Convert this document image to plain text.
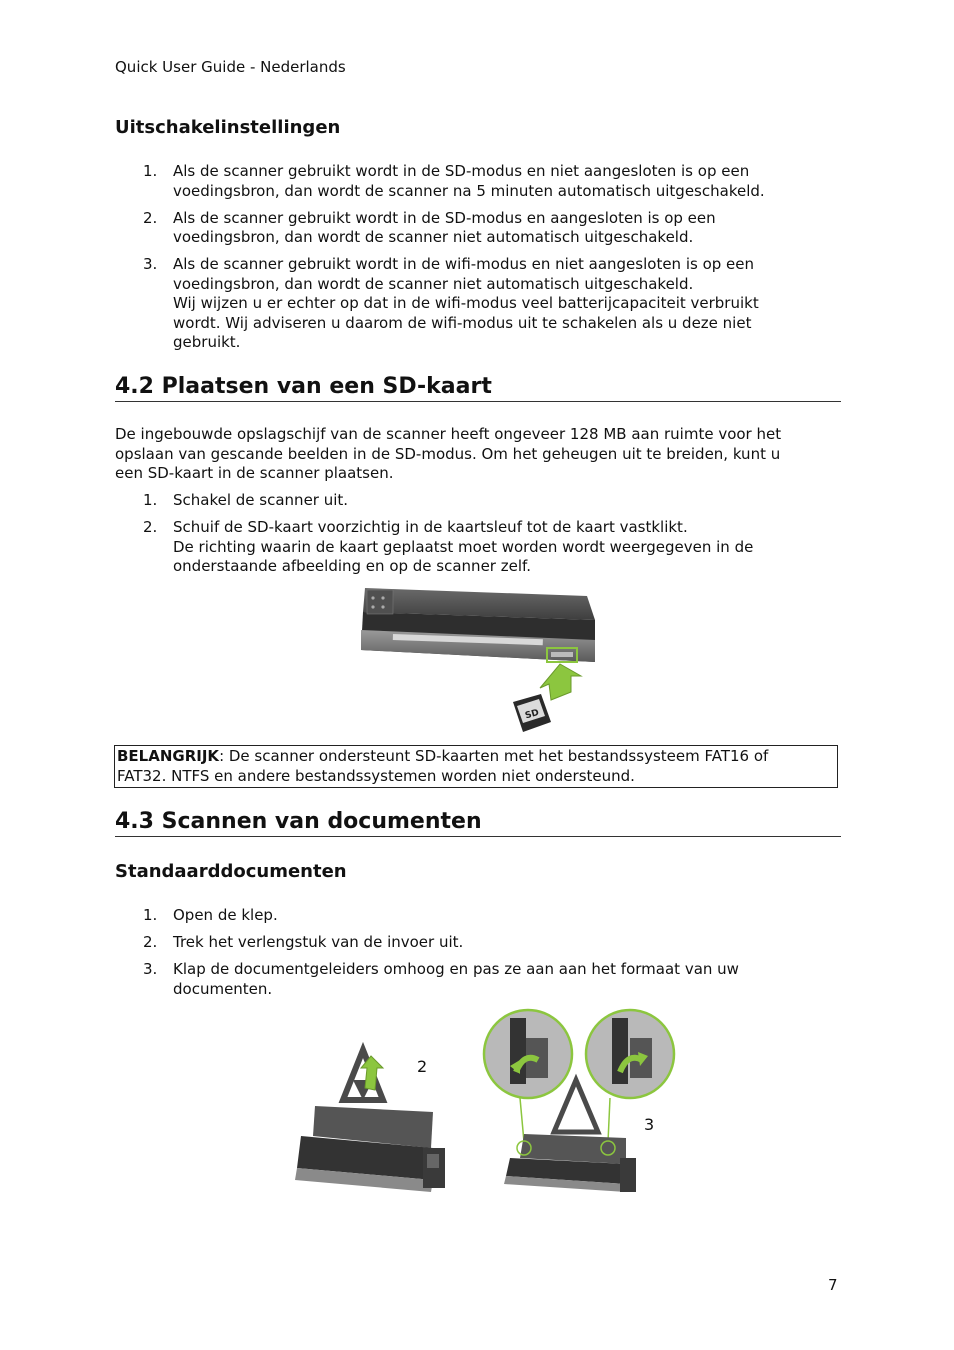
Quick User Guide - Nederlands
Uitschakelinstellingen
1. Als de scanner gebruikt wordt in de SD-modus en niet aangesloten is op een
voedingsbron, dan wordt de scanner na 5 minuten automatisch uitgeschakeld.
2. Als de scanner gebruikt wordt in de SD-modus en aangesloten is op een
voedingsbron, dan wordt de scanner niet automatisch uitgeschakeld.
3. Als de scanner gebruikt wordt in de wifi-modus en niet aangesloten is op een
voedingsbron, dan wordt de scanner niet automatisch uitgeschakeld.
Wij wijzen u er echter op dat in de wifi-modus veel batterijcapaciteit verbruikt
wordt. Wij adviseren u daarom de wifi-modus uit te schakelen als u deze niet
gebruikt.
4.2 Plaatsen van een SD-kaart

De ingebouwde opslagschijf van de scanner heeft ongeveer 128 MB aan ruimte voor het
opslaan van gescande beelden in de SD-modus. Om het geheugen uit te breiden, kunt u
een SD-kaart in de scanner plaatsen.

1. Schakel de scanner uit.
2. Schuif de SD-kaart voorzichtig in de kaartsleuf tot de kaart vastklikt.
De richting waarin de kaart geplaatst moet worden wordt weergegeven in de
onderstaande afbeelding en op de scanner zelf.
SD
BELANGRIJK: De scanner ondersteunt SD-kaarten met het bestandssysteem FAT16 of
FAT32. NTFS en andere bestandssystemen worden niet ondersteund.
4.3 Scannen van documenten
Standaarddocumenten
1. Open de klep.
2. Trek het verlengstuk van de invoer uit.
3. Klap de documentgeleiders omhoog en pas ze aan aan het formaat van uw
documenten.
2
3
7
